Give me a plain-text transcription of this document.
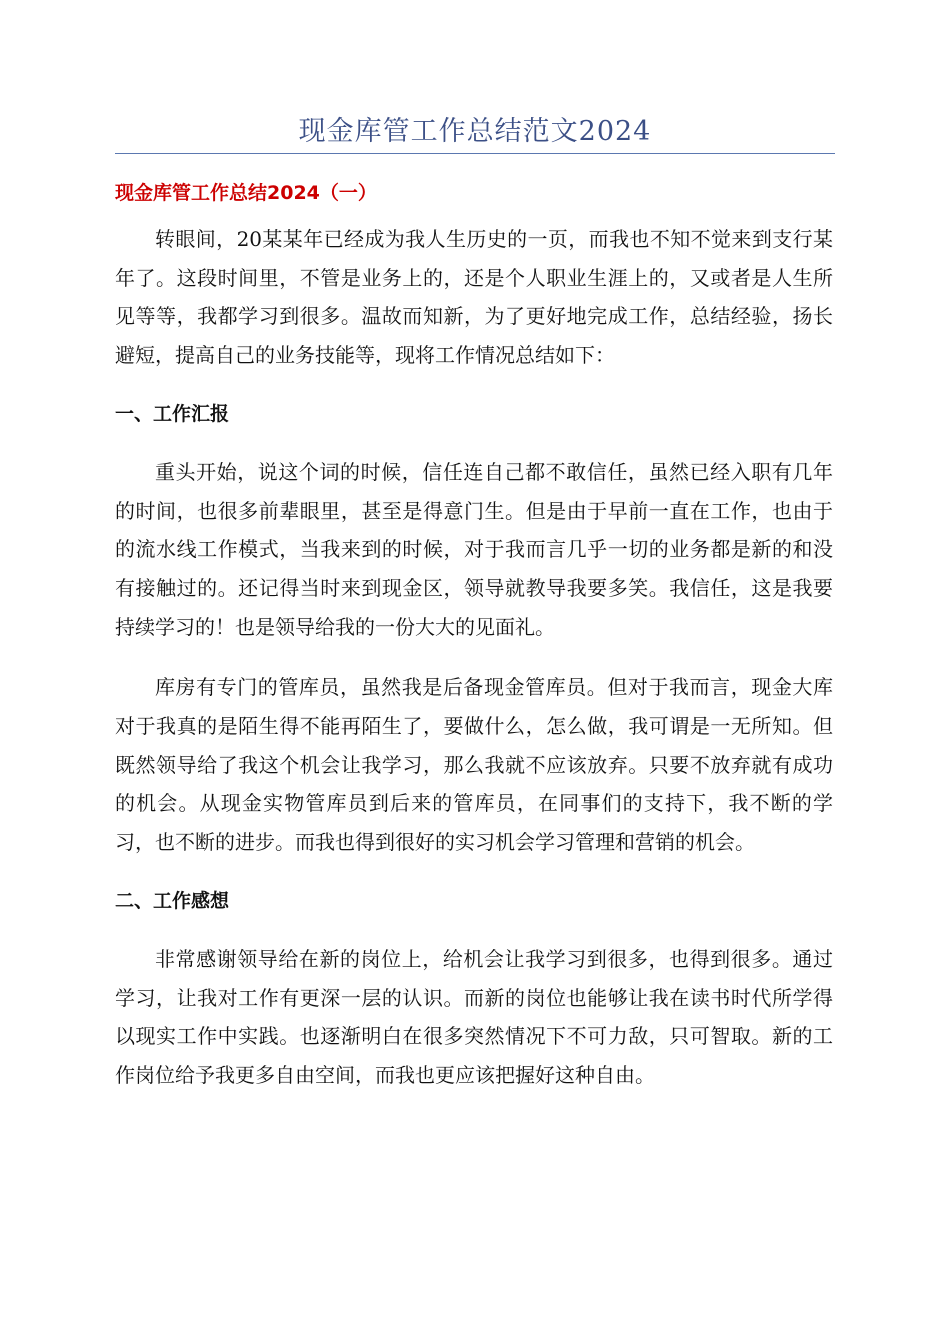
现金库管工作总结范文2024
现金库管工作总结2024（一）

转眼间，20某某年已经成为我人生历史的一页，而我也不知不觉来到支行某年了。这段时间里，不管是业务上的，还是个人职业生涯上的，又或者是人生所见等等，我都学习到很多。温故而知新，为了更好地完成工作，总结经验，扬长避短，提高自己的业务技能等，现将工作情况总结如下：

一、工作汇报

重头开始，说这个词的时候，信任连自己都不敢信任，虽然已经入职有几年的时间，也很多前辈眼里，甚至是得意门生。但是由于早前一直在工作，也由于的流水线工作模式，当我来到的时候，对于我而言几乎一切的业务都是新的和没有接触过的。还记得当时来到现金区，领导就教导我要多笑。我信任，这是我要持续学习的！也是领导给我的一份大大的见面礼。

库房有专门的管库员，虽然我是后备现金管库员。但对于我而言，现金大库对于我真的是陌生得不能再陌生了，要做什么，怎么做，我可谓是一无所知。但既然领导给了我这个机会让我学习，那么我就不应该放弃。只要不放弃就有成功的机会。从现金实物管库员到后来的管库员，在同事们的支持下，我不断的学习，也不断的进步。而我也得到很好的实习机会学习管理和营销的机会。

二、工作感想

非常感谢领导给在新的岗位上，给机会让我学习到很多，也得到很多。通过学习，让我对工作有更深一层的认识。而新的岗位也能够让我在读书时代所学得以现实工作中实践。也逐渐明白在很多突然情况下不可力敌，只可智取。新的工作岗位给予我更多自由空间，而我也更应该把握好这种自由。
